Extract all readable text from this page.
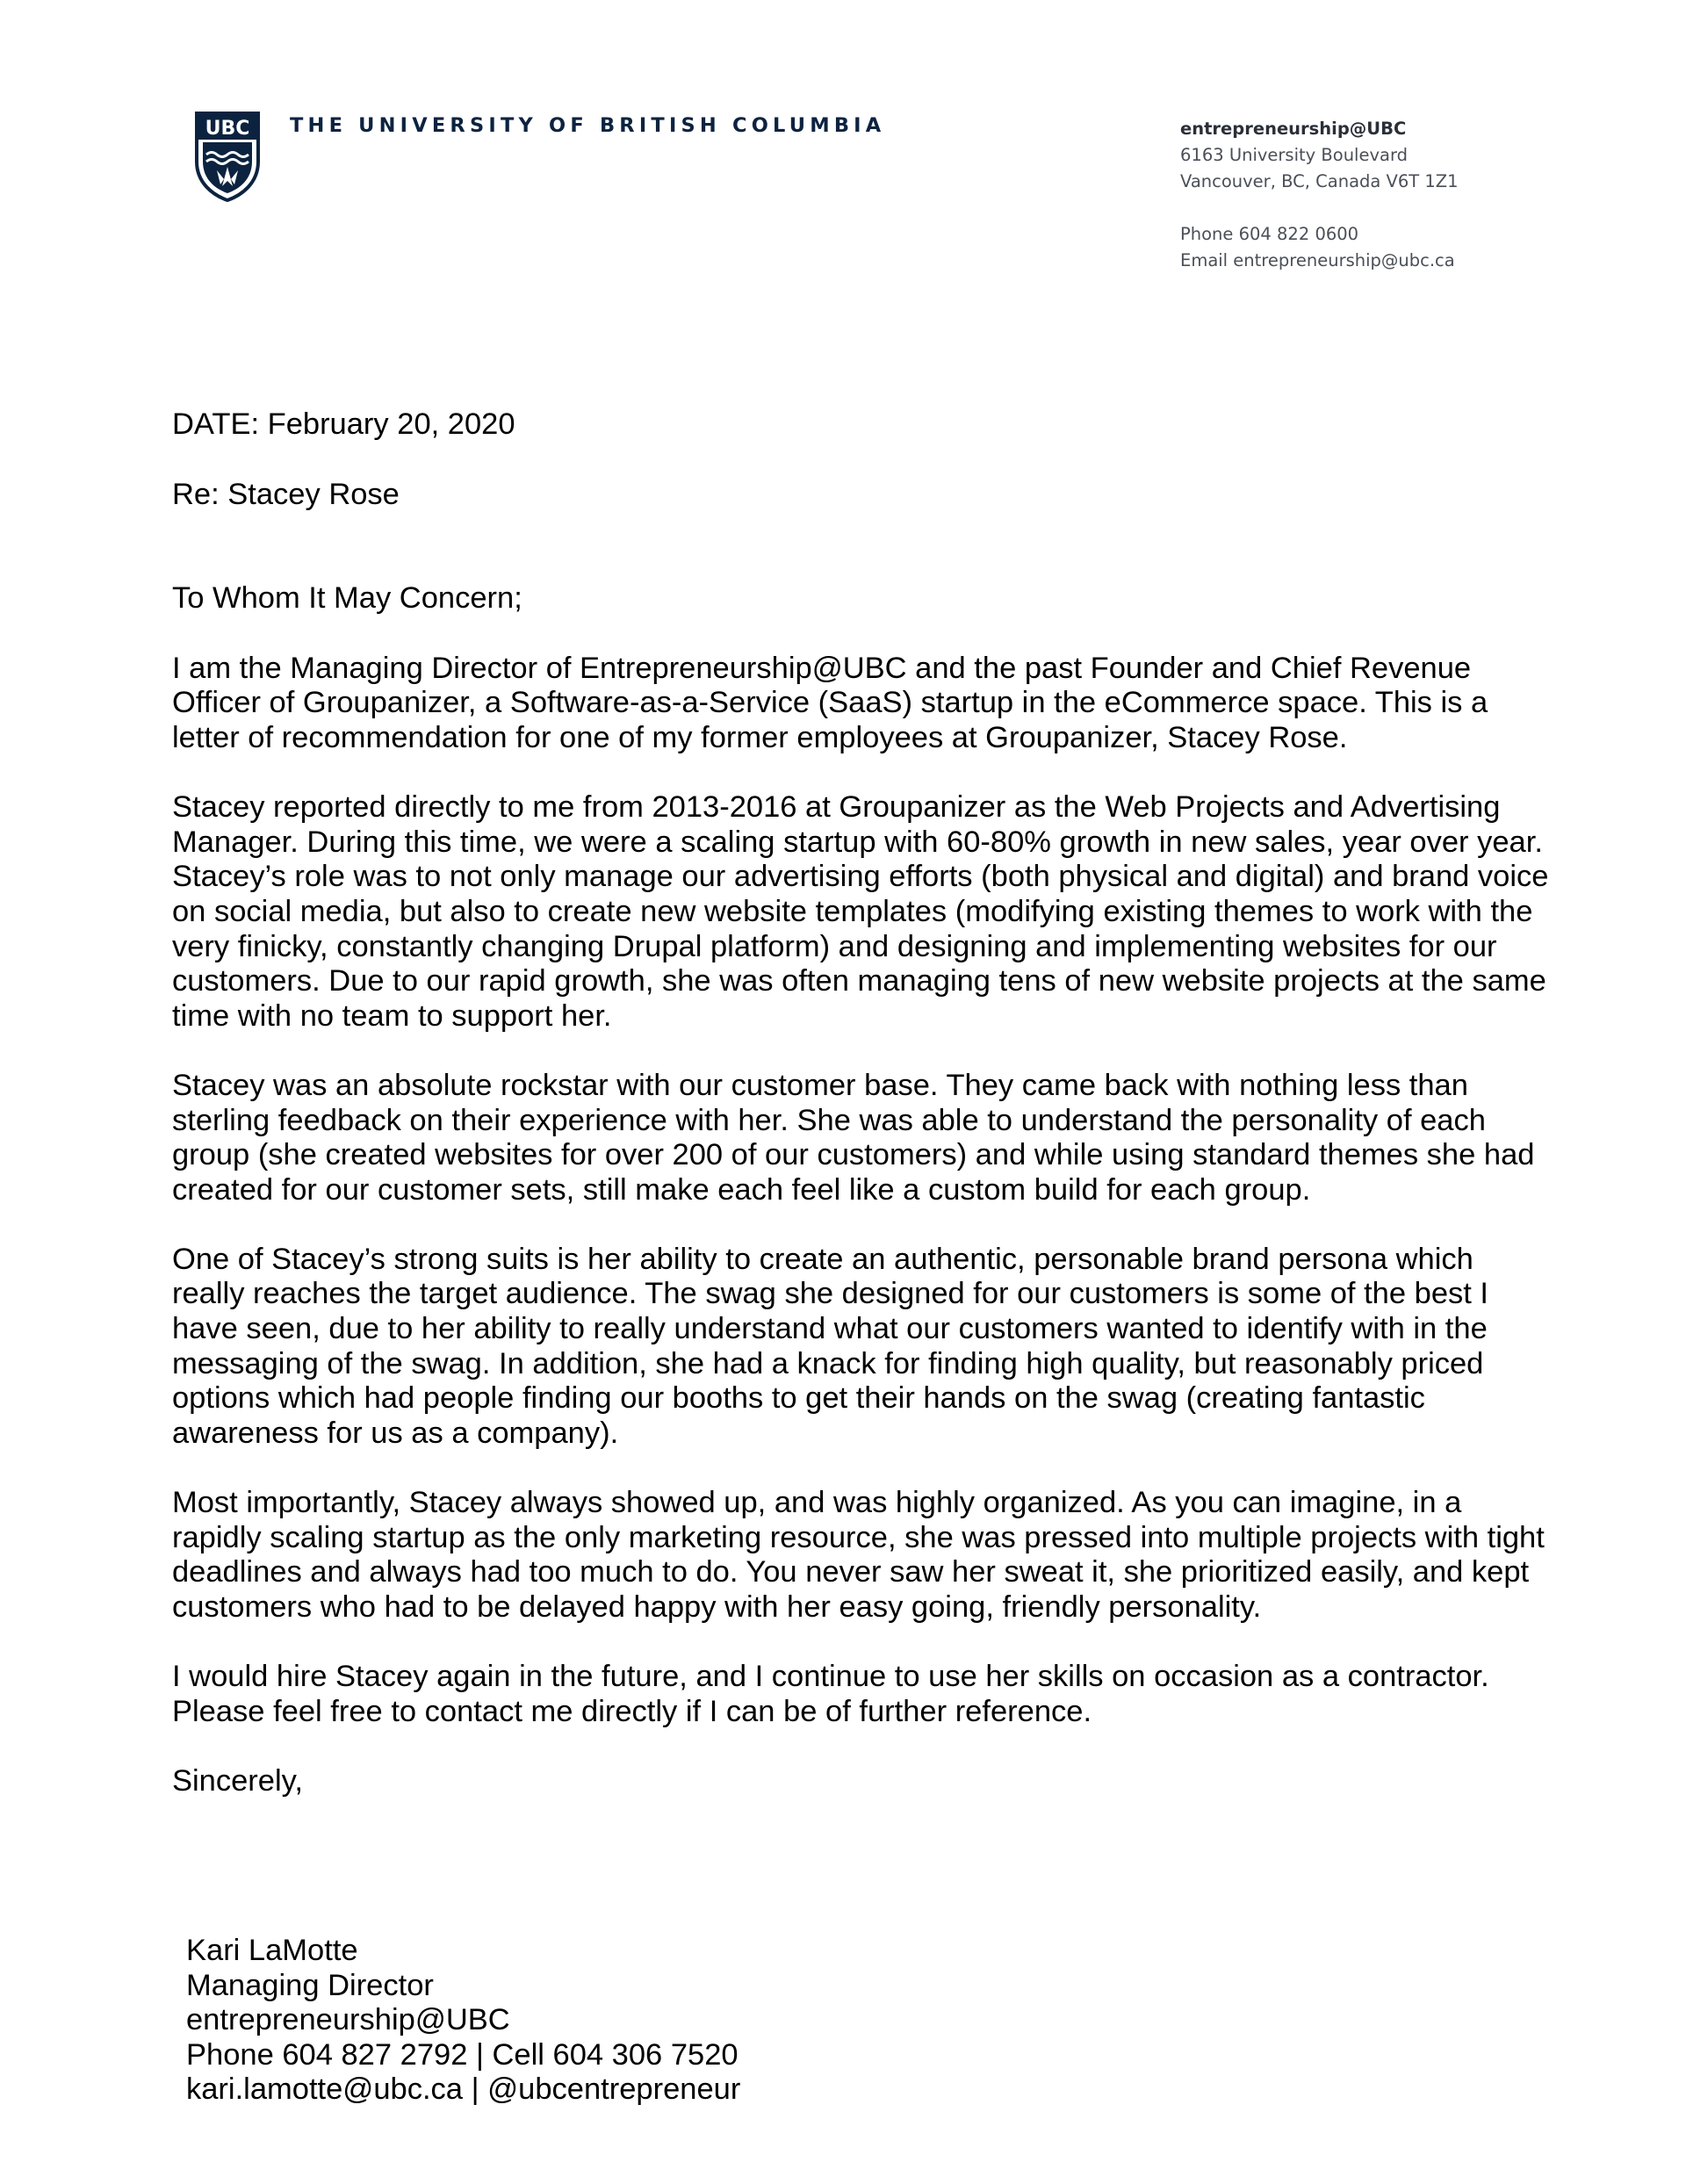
UBC THE UNIVERSITY OF BRITISH COLUMBIA	entrepreneurship@UBC
6163 University Boulevard
Vancouver, BC, Canada V6T 1Z1
Phone 604 822 0600
Email entrepreneurship@ubc.ca

DATE: February 20, 2020

Re: Stacey Rose

To Whom It May Concern;

I am the Managing Director of Entrepreneurship@UBC and the past Founder and Chief Revenue
Officer of Groupanizer, a Software-as-a-Service (SaaS) startup in the eCommerce space. This is a
letter of recommendation for one of my former employees at Groupanizer, Stacey Rose.

Stacey reported directly to me from 2013-2016 at Groupanizer as the Web Projects and Advertising
Manager. During this time, we were a scaling startup with 60-80% growth in new sales, year over year.
Stacey’s role was to not only manage our advertising efforts (both physical and digital) and brand voice
on social media, but also to create new website templates (modifying existing themes to work with the
very finicky, constantly changing Drupal platform) and designing and implementing websites for our
customers. Due to our rapid growth, she was often managing tens of new website projects at the same
time with no team to support her.

Stacey was an absolute rockstar with our customer base. They came back with nothing less than
sterling feedback on their experience with her. She was able to understand the personality of each
group (she created websites for over 200 of our customers) and while using standard themes she had
created for our customer sets, still make each feel like a custom build for each group.

One of Stacey’s strong suits is her ability to create an authentic, personable brand persona which
really reaches the target audience. The swag she designed for our customers is some of the best I
have seen, due to her ability to really understand what our customers wanted to identify with in the
messaging of the swag. In addition, she had a knack for finding high quality, but reasonably priced
options which had people finding our booths to get their hands on the swag (creating fantastic
awareness for us as a company).

Most importantly, Stacey always showed up, and was highly organized. As you can imagine, in a
rapidly scaling startup as the only marketing resource, she was pressed into multiple projects with tight
deadlines and always had too much to do. You never saw her sweat it, she prioritized easily, and kept
customers who had to be delayed happy with her easy going, friendly personality.

I would hire Stacey again in the future, and I continue to use her skills on occasion as a contractor.
Please feel free to contact me directly if I can be of further reference.

Sincerely,

Kari LaMotte
Managing Director
entrepreneurship@UBC
Phone 604 827 2792 | Cell 604 306 7520
kari.lamotte@ubc.ca | @ubcentrepreneur
